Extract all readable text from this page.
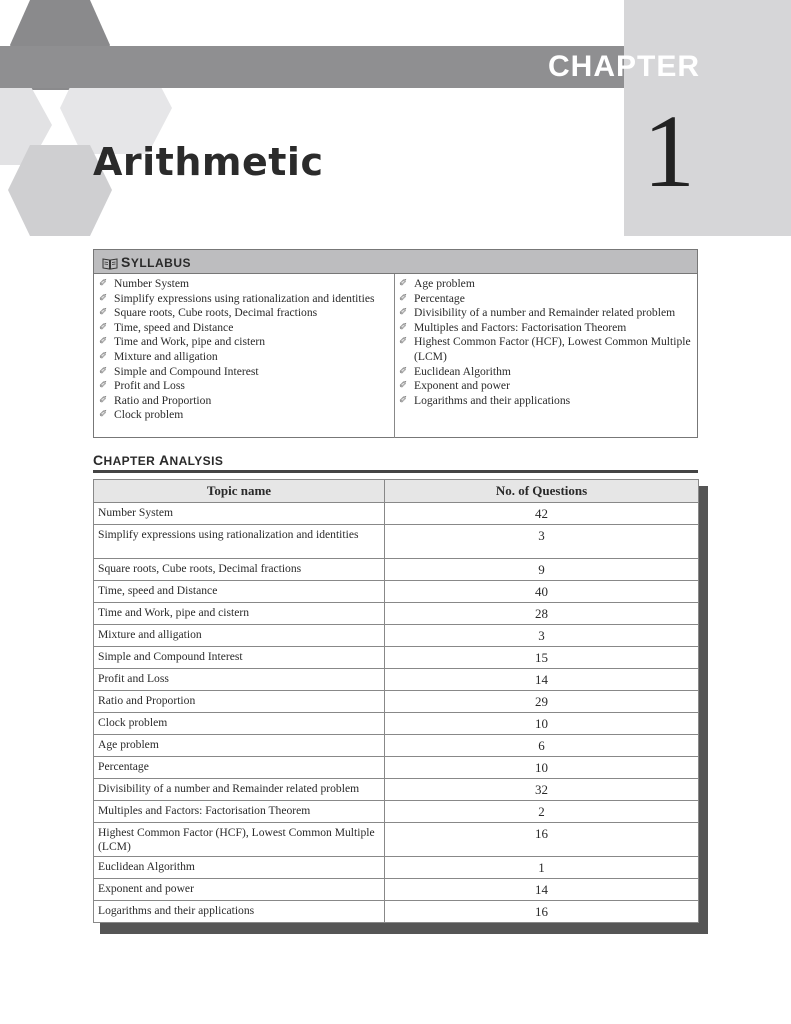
CHAPTER
1
Arithmetic
SYLLABUS
✐ Number System
✐ Simplify expressions using rationalization and identities
✐ Square roots, Cube roots, Decimal fractions
✐ Time, speed and Distance
✐ Time and Work, pipe and cistern
✐ Mixture and alligation
✐ Simple and Compound Interest
✐ Profit and Loss
✐ Ratio and Proportion
✐ Clock problem
✐ Age problem
✐ Percentage
✐ Divisibility of a number and Remainder related problem
✐ Multiples and Factors: Factorisation Theorem
✐ Highest Common Factor (HCF), Lowest Common Multiple (LCM)
✐ Euclidean Algorithm
✐ Exponent and power
✐ Logarithms and their applications
CHAPTER ANALYSIS
Topic name	No. of Questions
Number System	42
Simplify expressions using rationalization and identities	3
Square roots, Cube roots, Decimal fractions	9
Time, speed and Distance	40
Time and Work, pipe and cistern	28
Mixture and alligation	3
Simple and Compound Interest	15
Profit and Loss	14
Ratio and Proportion	29
Clock problem	10
Age problem	6
Percentage	10
Divisibility of a number and Remainder related problem	32
Multiples and Factors: Factorisation Theorem	2
Highest Common Factor (HCF), Lowest Common Multiple (LCM)	16
Euclidean Algorithm	1
Exponent and power	14
Logarithms and their applications	16
